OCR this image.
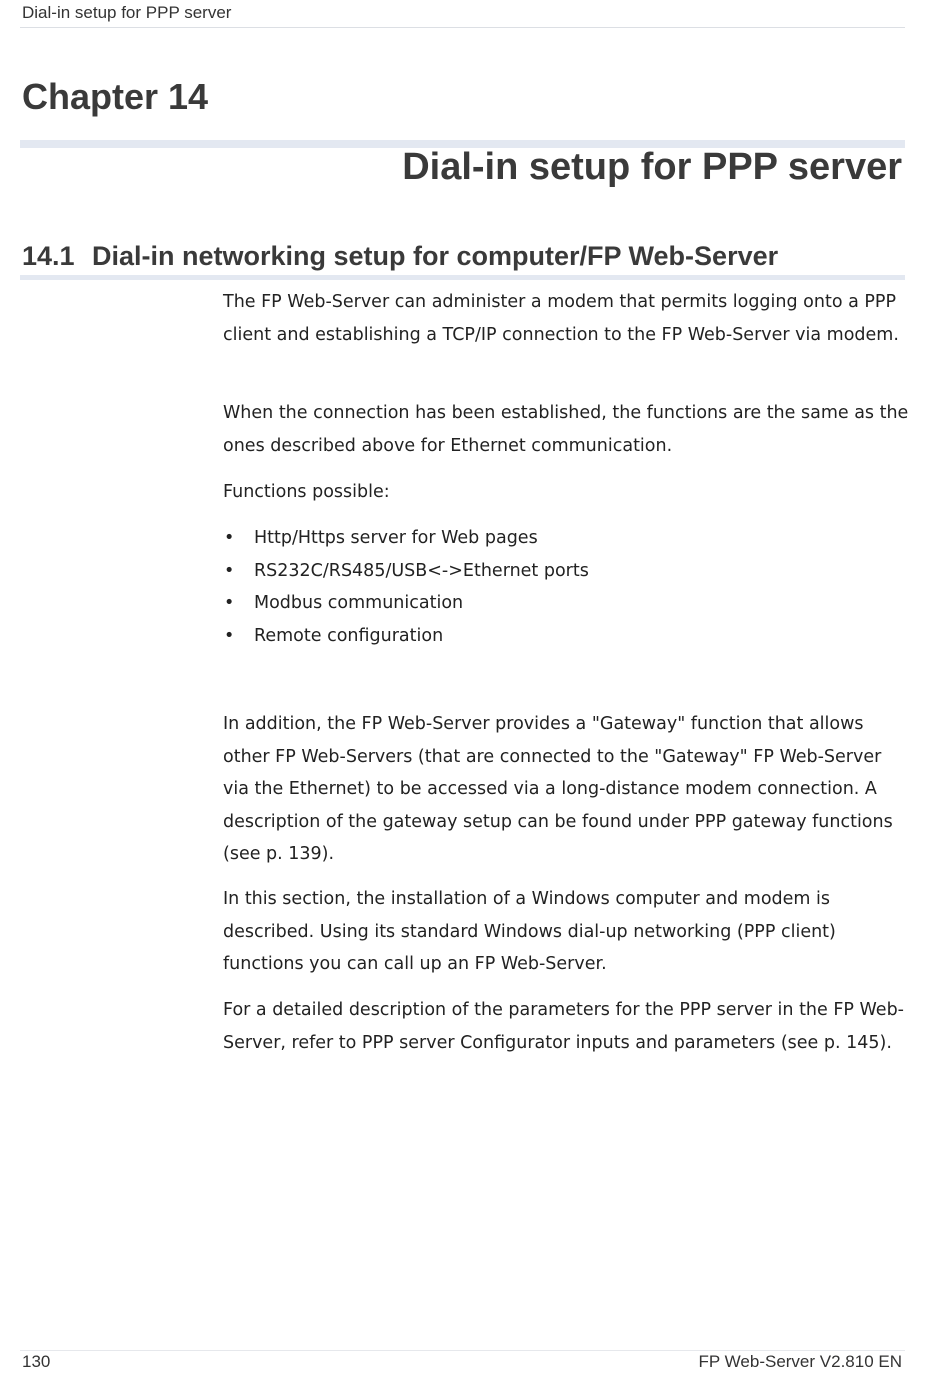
Dial-in setup for PPP server
Chapter 14
Dial-in setup for PPP server
14.1 Dial-in networking setup for computer/FP Web-Server

The FP Web-Server can administer a modem that permits logging onto a PPP client and establishing a TCP/IP connection to the FP Web-Server via modem.

When the connection has been established, the functions are the same as the ones described above for Ethernet communication.

Functions possible:

• Http/Https server for Web pages
• RS232C/RS485/USB<->Ethernet ports
• Modbus communication
• Remote configuration

In addition, the FP Web-Server provides a "Gateway" function that allows other FP Web-Servers (that are connected to the "Gateway" FP Web-Server via the Ethernet) to be accessed via a long-distance modem connection. A description of the gateway setup can be found under PPP gateway functions (see p. 139).

In this section, the installation of a Windows computer and modem is described. Using its standard Windows dial-up networking (PPP client) functions you can call up an FP Web-Server.

For a detailed description of the parameters for the PPP server in the FP Web-Server, refer to PPP server Configurator inputs and parameters (see p. 145).

130	FP Web-Server V2.810 EN
